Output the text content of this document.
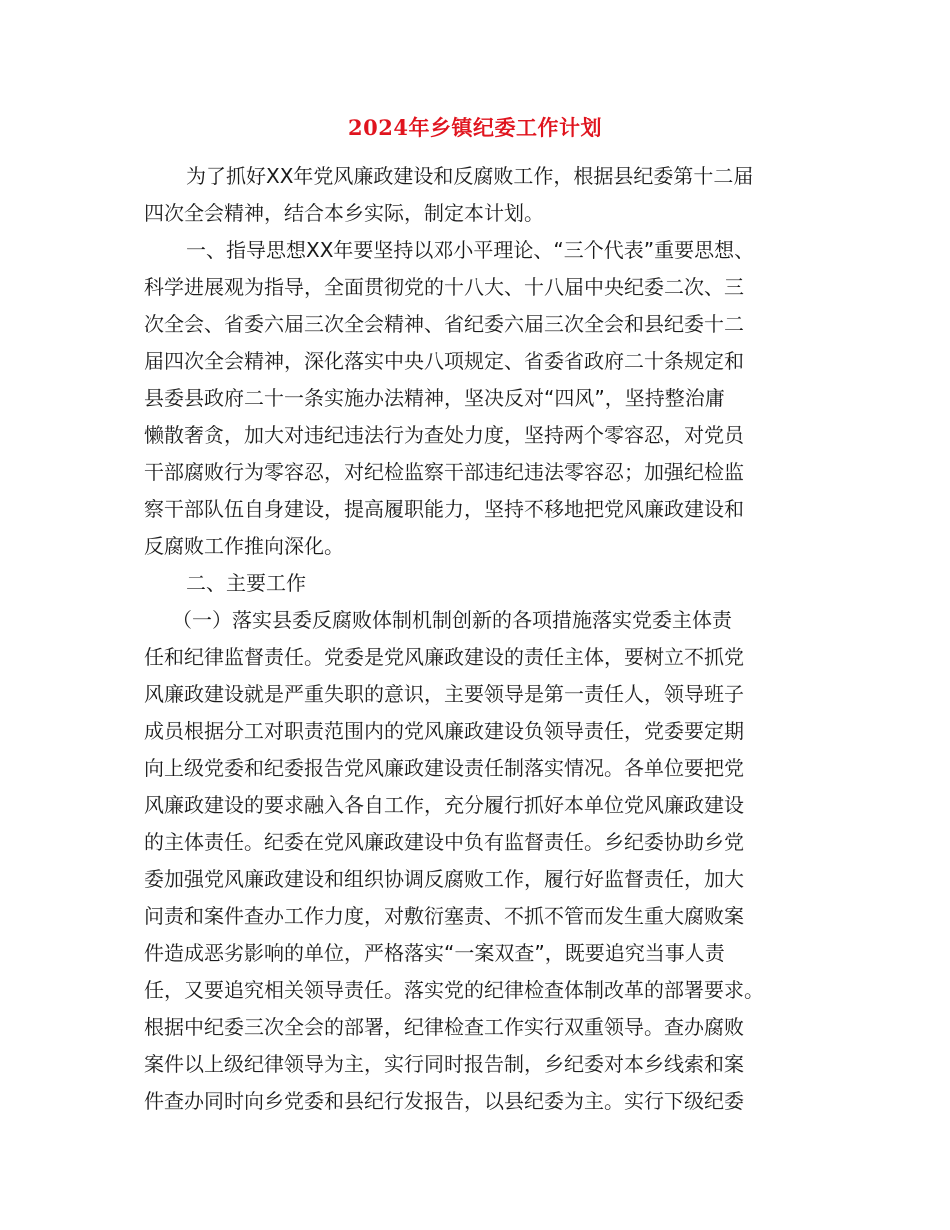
2024年乡镇纪委工作计划
为了抓好XX年党风廉政建设和反腐败工作，根据县纪委第十二届
四次全会精神，结合本乡实际，制定本计划。
一、指导思想XX年要坚持以邓小平理论、“三个代表”重要思想、
科学进展观为指导，全面贯彻党的十八大、十八届中央纪委二次、三
次全会、省委六届三次全会精神、省纪委六届三次全会和县纪委十二
届四次全会精神，深化落实中央八项规定、省委省政府二十条规定和
县委县政府二十一条实施办法精神，坚决反对“四风”，坚持整治庸
懒散奢贪，加大对违纪违法行为查处力度，坚持两个零容忍，对党员
干部腐败行为零容忍，对纪检监察干部违纪违法零容忍；加强纪检监
察干部队伍自身建设，提高履职能力，坚持不移地把党风廉政建设和
反腐败工作推向深化。
二、主要工作
（一）落实县委反腐败体制机制创新的各项措施落实党委主体责
任和纪律监督责任。党委是党风廉政建设的责任主体，要树立不抓党
风廉政建设就是严重失职的意识，主要领导是第一责任人，领导班子
成员根据分工对职责范围内的党风廉政建设负领导责任，党委要定期
向上级党委和纪委报告党风廉政建设责任制落实情况。各单位要把党
风廉政建设的要求融入各自工作，充分履行抓好本单位党风廉政建设
的主体责任。纪委在党风廉政建设中负有监督责任。乡纪委协助乡党
委加强党风廉政建设和组织协调反腐败工作，履行好监督责任，加大
问责和案件查办工作力度，对敷衍塞责、不抓不管而发生重大腐败案
件造成恶劣影响的单位，严格落实“一案双查”，既要追究当事人责
任，又要追究相关领导责任。落实党的纪律检查体制改革的部署要求。
根据中纪委三次全会的部署，纪律检查工作实行双重领导。查办腐败
案件以上级纪律领导为主，实行同时报告制，乡纪委对本乡线索和案
件查办同时向乡党委和县纪行发报告，以县纪委为主。实行下级纪委
